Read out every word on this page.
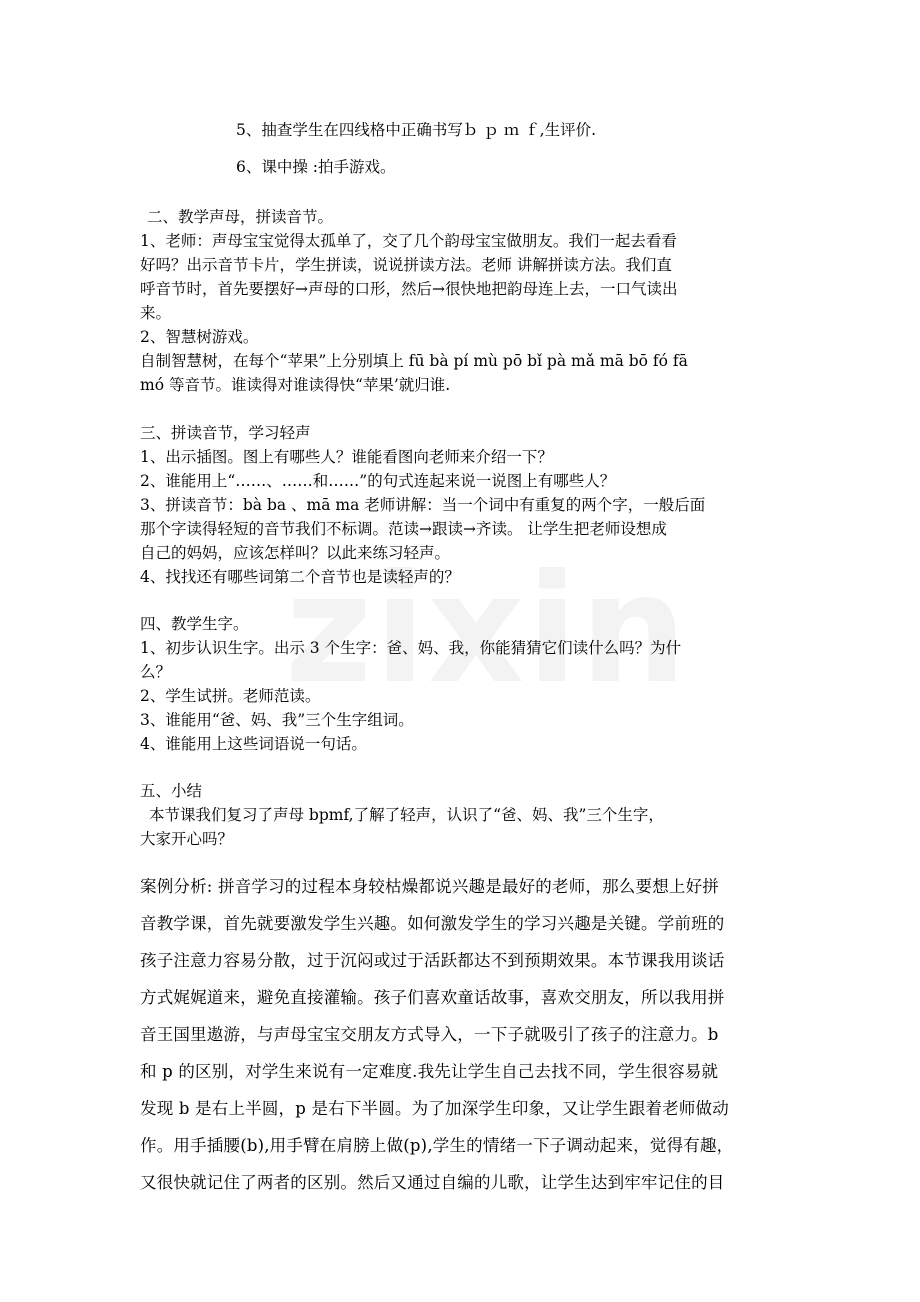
5、抽查学生在四线格中正确书写ｂ ｐ ｍ ｆ,生评价.

6、课中操 :拍手游戏。

二、教学声母，拼读音节。

1、老师：声母宝宝觉得太孤单了，交了几个韵母宝宝做朋友。我们一起去看看

好吗？出示音节卡片，学生拼读，说说拼读方法。老师 讲解拼读方法。我们直

呼音节时，首先要摆好→声母的口形，然后→很快地把韵母连上去，一口气读出

来。

2、智慧树游戏。

自制智慧树，在每个“苹果”上分别填上 fū bà pí mù pō bǐ pà mǎ mā bō fó fā

mó 等音节。谁读得对谁读得快“苹果’就归谁.

三、拼读音节，学习轻声

1、出示插图。图上有哪些人？谁能看图向老师来介绍一下？

2、谁能用上“……、……和……”的句式连起来说一说图上有哪些人？

3、拼读音节：bà ba 、mā ma 老师讲解：当一个词中有重复的两个字，一般后面

那个字读得轻短的音节我们不标调。范读→跟读→齐读。 让学生把老师设想成

自己的妈妈，应该怎样叫？以此来练习轻声。

4、找找还有哪些词第二个音节也是读轻声的？

四、教学生字。

1、初步认识生字。出示 3 个生字：爸、妈、我，你能猜猜它们读什么吗？为什

么？

2、学生试拼。老师范读。

3、谁能用“爸、妈、我”三个生字组词。

4、谁能用上这些词语说一句话。

五、小结

本节课我们复习了声母 bpmf,了解了轻声，认识了“爸、妈、我”三个生字，

大家开心吗？

案例分析: 拼音学习的过程本身较枯燥都说兴趣是最好的老师，那么要想上好拼

音教学课，首先就要激发学生兴趣。如何激发学生的学习兴趣是关键。学前班的

孩子注意力容易分散，过于沉闷或过于活跃都达不到预期效果。本节课我用谈话

方式娓娓道来，避免直接灌输。孩子们喜欢童话故事，喜欢交朋友，所以我用拼

音王国里遨游，与声母宝宝交朋友方式导入，一下子就吸引了孩子的注意力。b

和 p 的区别，对学生来说有一定难度.我先让学生自己去找不同，学生很容易就

发现 b 是右上半圆，p 是右下半圆。为了加深学生印象，又让学生跟着老师做动

作。用手插腰(b),用手臂在肩膀上做(p),学生的情绪一下子调动起来，觉得有趣，

又很快就记住了两者的区别。然后又通过自编的儿歌，让学生达到牢牢记住的目
